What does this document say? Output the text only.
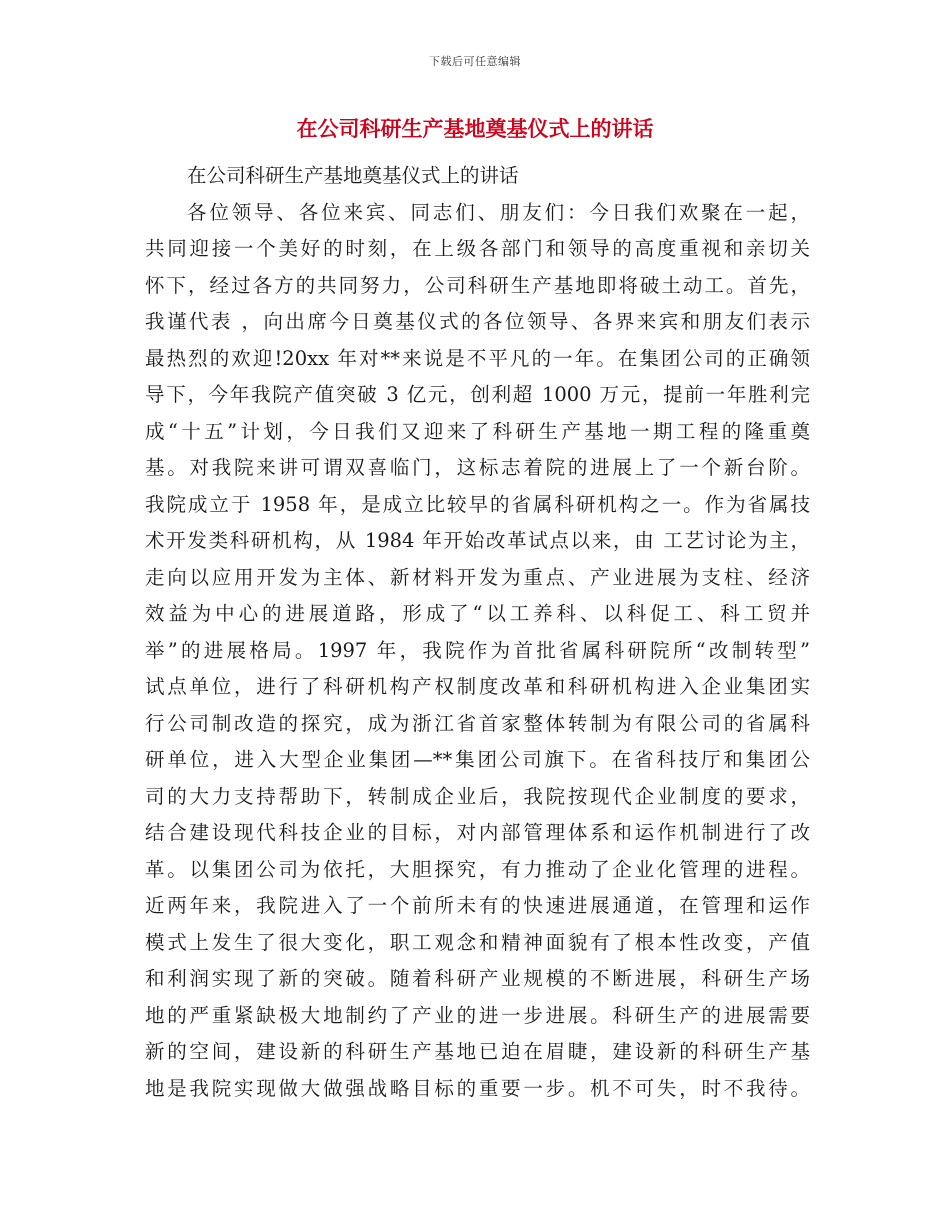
下载后可任意编辑
在公司科研生产基地奠基仪式上的讲话
在公司科研生产基地奠基仪式上的讲话
各位领导、各位来宾、同志们、朋友们：今日我们欢聚在一起，
共同迎接一个美好的时刻，在上级各部门和领导的高度重视和亲切关
怀下，经过各方的共同努力，公司科研生产基地即将破土动工。首先，
我谨代表 ，向出席今日奠基仪式的各位领导、各界来宾和朋友们表示
最热烈的欢迎!20xx 年对**来说是不平凡的一年。在集团公司的正确领
导下，今年我院产值突破 3 亿元，创利超 1000 万元，提前一年胜利完
成“十五”计划，今日我们又迎来了科研生产基地一期工程的隆重奠
基。对我院来讲可谓双喜临门，这标志着院的进展上了一个新台阶。
我院成立于 1958 年，是成立比较早的省属科研机构之一。作为省属技
术开发类科研机构，从 1984 年开始改革试点以来，由 工艺讨论为主，
走向以应用开发为主体、新材料开发为重点、产业进展为支柱、经济
效益为中心的进展道路，形成了“以工养科、以科促工、科工贸并
举”的进展格局。1997 年，我院作为首批省属科研院所“改制转型”
试点单位，进行了科研机构产权制度改革和科研机构进入企业集团实
行公司制改造的探究，成为浙江省首家整体转制为有限公司的省属科
研单位，进入大型企业集团—**集团公司旗下。在省科技厅和集团公
司的大力支持帮助下，转制成企业后，我院按现代企业制度的要求，
结合建设现代科技企业的目标，对内部管理体系和运作机制进行了改
革。以集团公司为依托，大胆探究，有力推动了企业化管理的进程。
近两年来，我院进入了一个前所未有的快速进展通道，在管理和运作
模式上发生了很大变化，职工观念和精神面貌有了根本性改变，产值
和利润实现了新的突破。随着科研产业规模的不断进展，科研生产场
地的严重紧缺极大地制约了产业的进一步进展。科研生产的进展需要
新的空间，建设新的科研生产基地已迫在眉睫，建设新的科研生产基
地是我院实现做大做强战略目标的重要一步。机不可失，时不我待。
